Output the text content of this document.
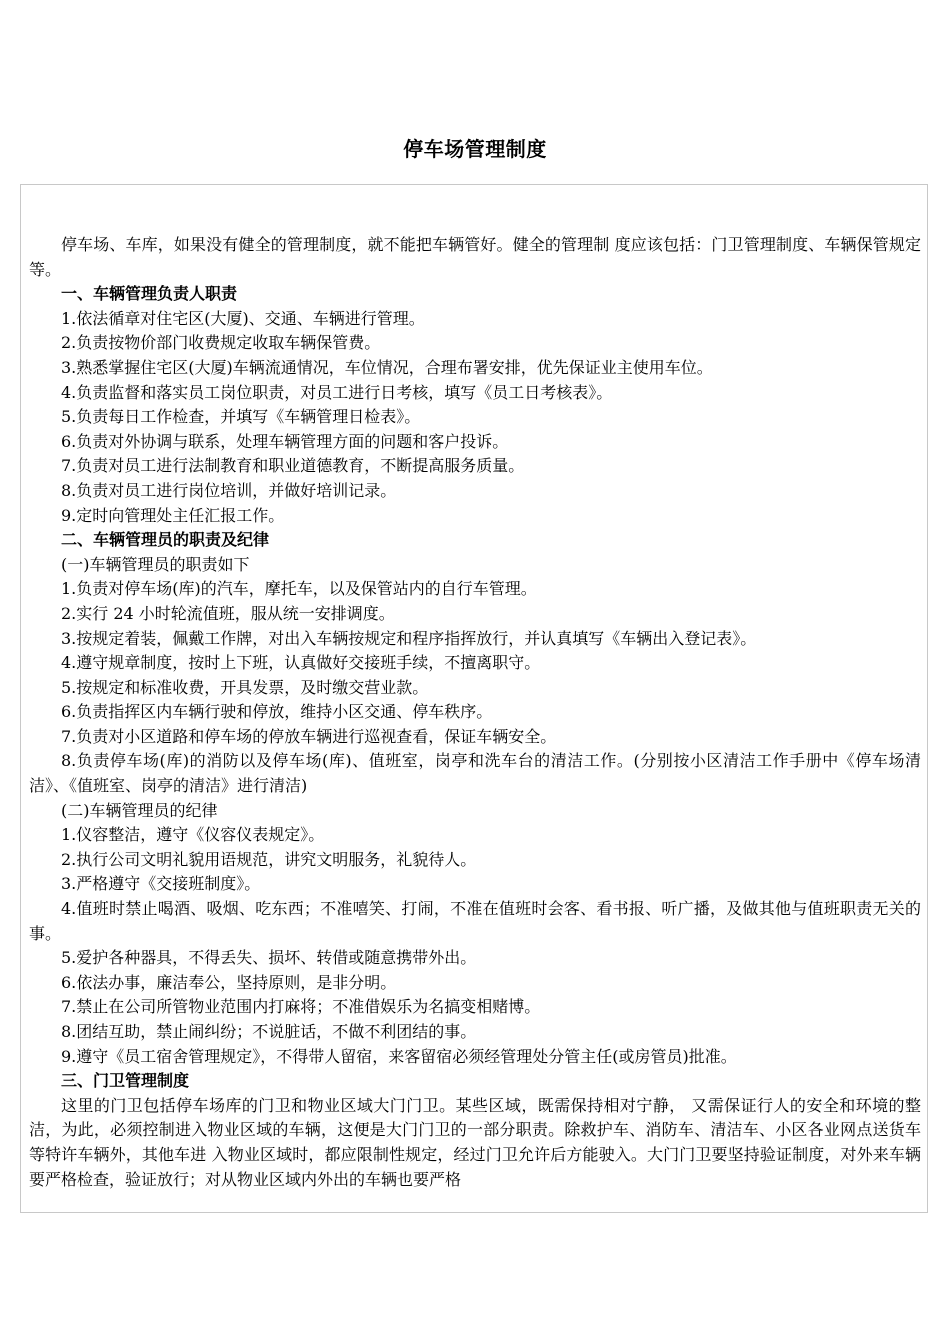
停车场管理制度

停车场、车库，如果没有健全的管理制度，就不能把车辆管好。健全的管理制 度应该包括：门卫管理制度、车辆保管规定等。

一、车辆管理负责人职责

1.依法循章对住宅区(大厦)、交通、车辆进行管理。

2.负责按物价部门收费规定收取车辆保管费。

3.熟悉掌握住宅区(大厦)车辆流通情况，车位情况，合理布署安排，优先保证业主使用车位。

4.负责监督和落实员工岗位职责，对员工进行日考核，填写《员工日考核表》。

5.负责每日工作检查，并填写《车辆管理日检表》。

6.负责对外协调与联系，处理车辆管理方面的问题和客户投诉。

7.负责对员工进行法制教育和职业道德教育，不断提高服务质量。

8.负责对员工进行岗位培训，并做好培训记录。

9.定时向管理处主任汇报工作。

二、车辆管理员的职责及纪律

(一)车辆管理员的职责如下

1.负责对停车场(库)的汽车，摩托车，以及保管站内的自行车管理。

2.实行 24 小时轮流值班，服从统一安排调度。

3.按规定着装，佩戴工作牌，对出入车辆按规定和程序指挥放行，并认真填写《车辆出入登记表》。

4.遵守规章制度，按时上下班，认真做好交接班手续，不擅离职守。

5.按规定和标准收费，开具发票，及时缴交营业款。

6.负责指挥区内车辆行驶和停放，维持小区交通、停车秩序。

7.负责对小区道路和停车场的停放车辆进行巡视查看，保证车辆安全。

8.负责停车场(库)的消防以及停车场(库)、值班室，岗亭和洗车台的清洁工作。(分别按小区清洁工作手册中《停车场清洁》、《值班室、岗亭的清洁》进行清洁)

(二)车辆管理员的纪律

1.仪容整洁，遵守《仪容仪表规定》。

2.执行公司文明礼貌用语规范，讲究文明服务，礼貌待人。

3.严格遵守《交接班制度》。

4.值班时禁止喝酒、吸烟、吃东西；不准嘻笑、打闹，不准在值班时会客、看书报、听广播，及做其他与值班职责无关的事。

5.爱护各种器具，不得丢失、损坏、转借或随意携带外出。

6.依法办事，廉洁奉公，坚持原则，是非分明。

7.禁止在公司所管物业范围内打麻将；不准借娱乐为名搞变相赌博。

8.团结互助，禁止闹纠纷；不说脏话，不做不利团结的事。

9.遵守《员工宿舍管理规定》，不得带人留宿，来客留宿必须经管理处分管主任(或房管员)批准。

三、门卫管理制度

这里的门卫包括停车场库的门卫和物业区域大门门卫。某些区域，既需保持相对宁静， 又需保证行人的安全和环境的整洁，为此，必须控制进入物业区域的车辆，这便是大门门卫的一部分职责。除救护车、消防车、清洁车、小区各业网点送货车等特许车辆外，其他车进 入物业区域时，都应限制性规定，经过门卫允许后方能驶入。大门门卫要坚持验证制度，对外来车辆要严格检查，验证放行；对从物业区域内外出的车辆也要严格
